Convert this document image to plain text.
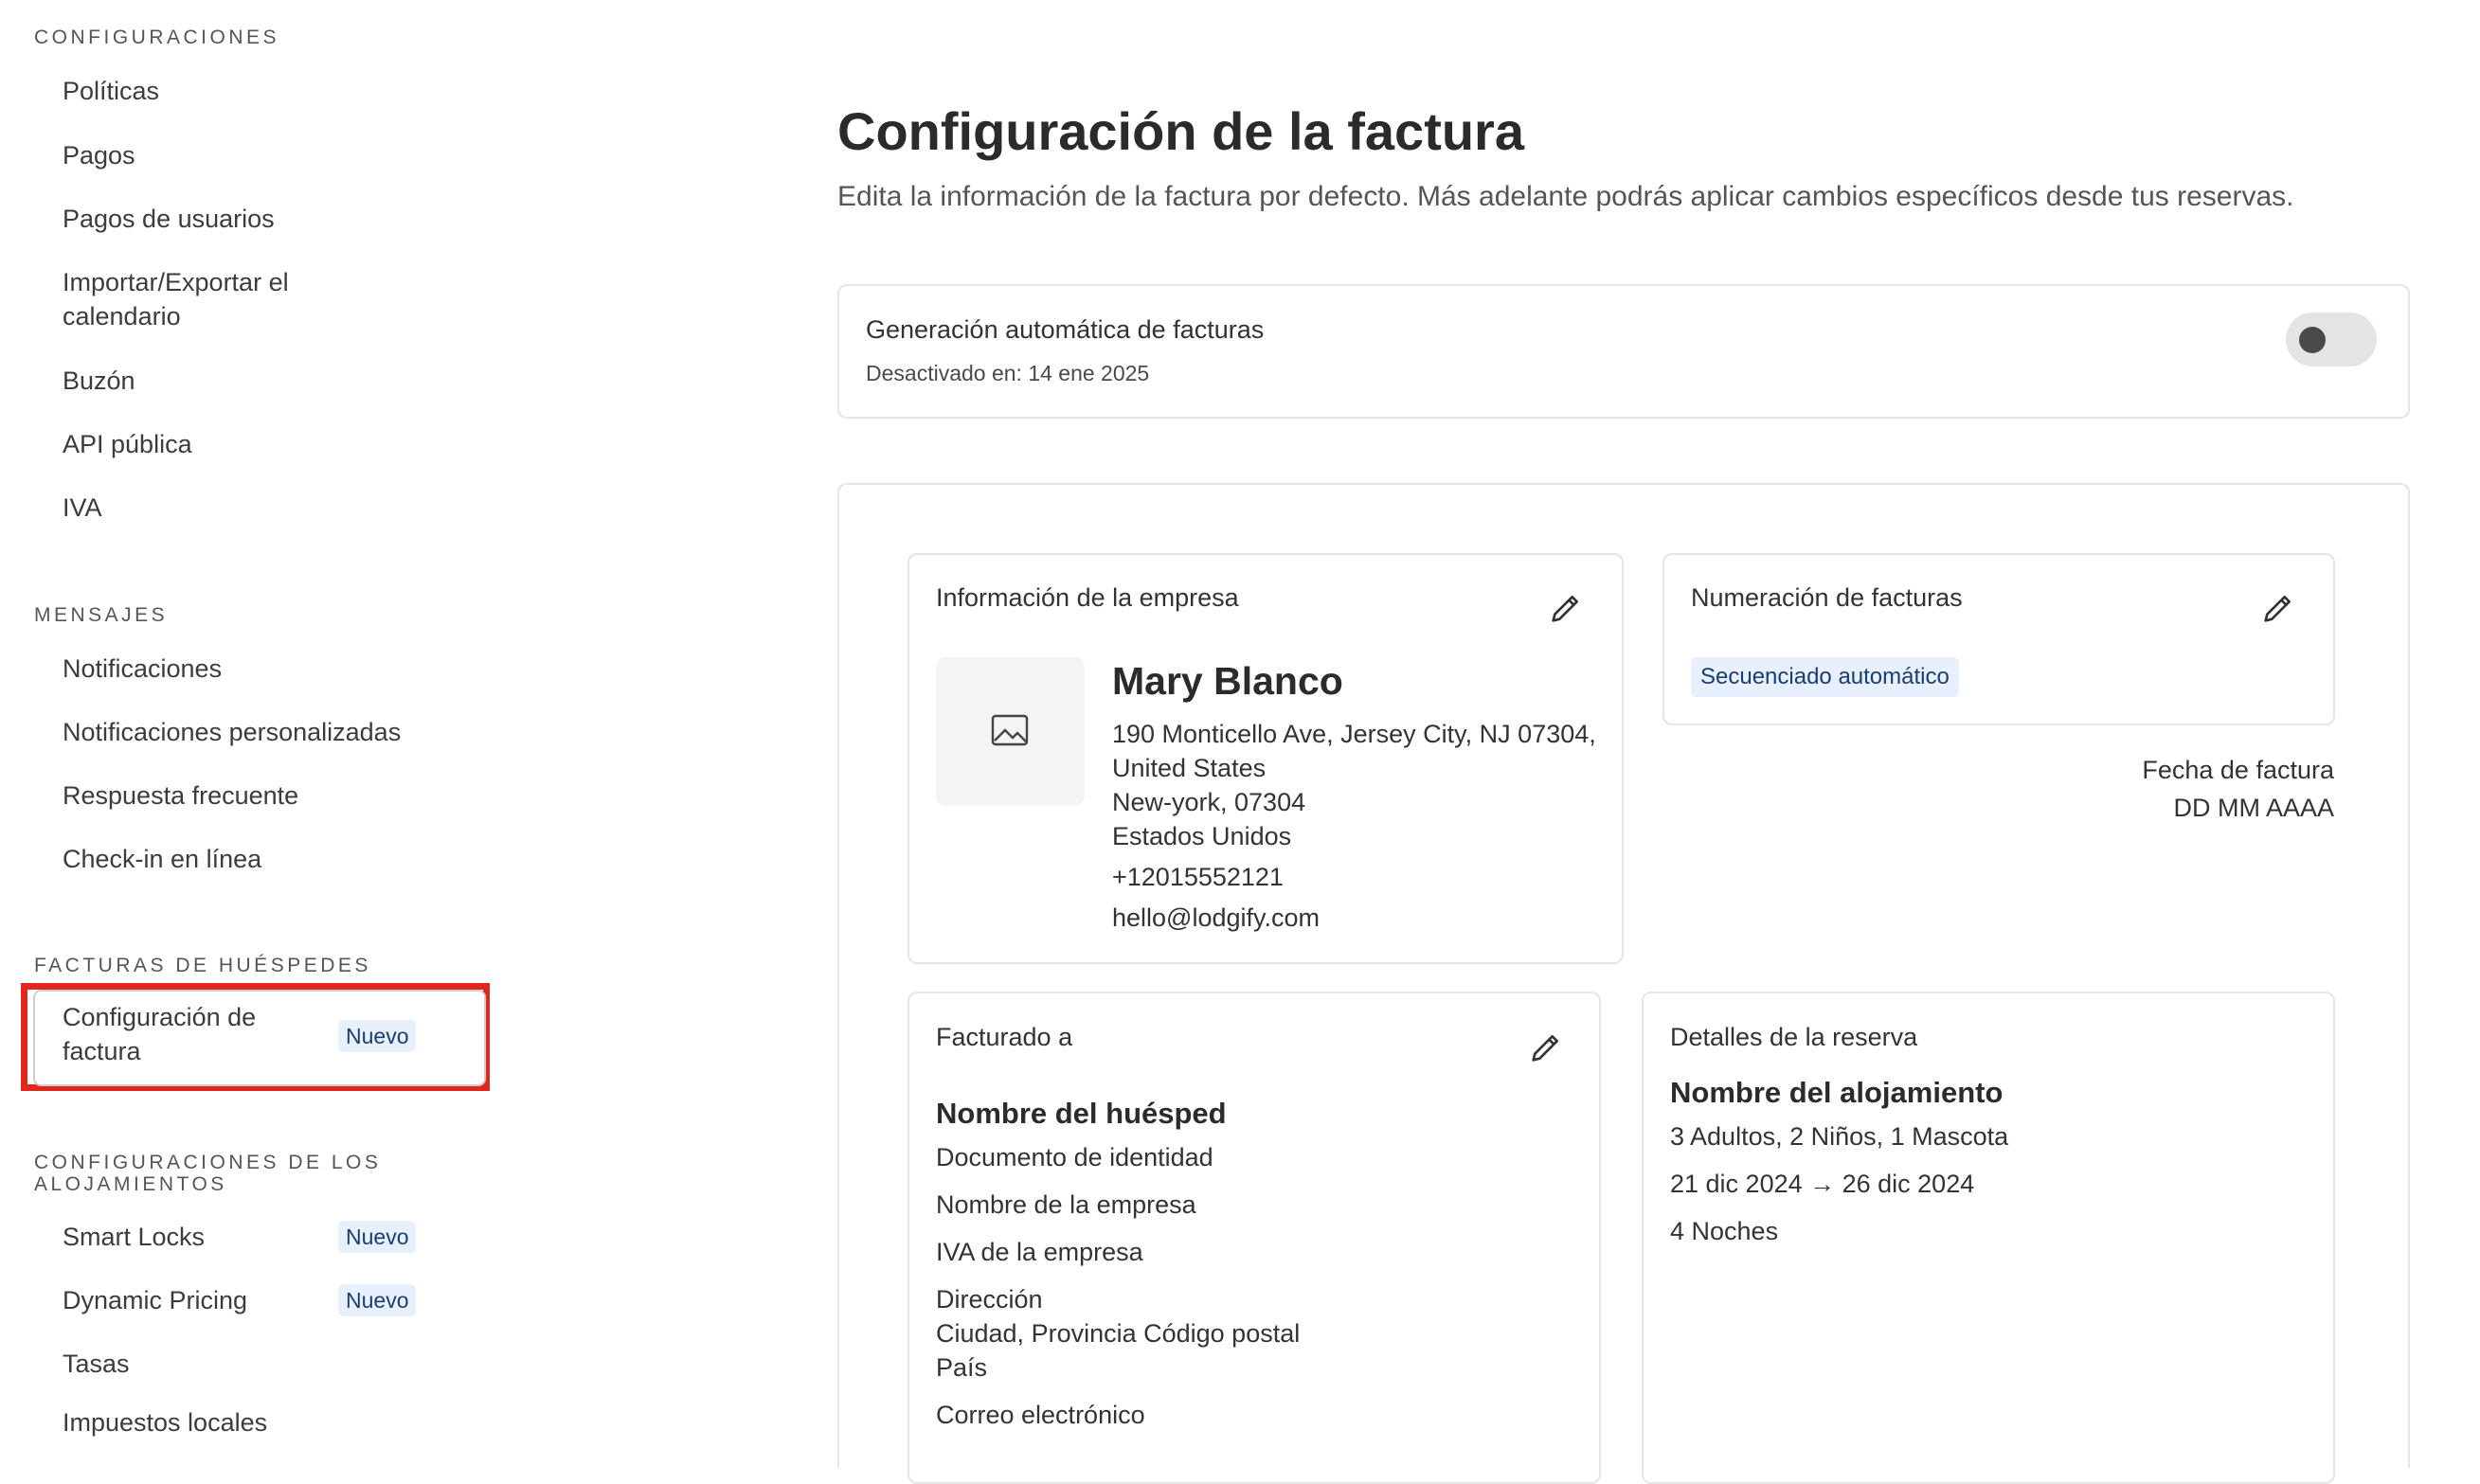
CONFIGURACIONES
Políticas
Pagos
Pagos de usuarios
Importar/Exportar el
calendario
Buzón
API pública
IVA
MENSAJES
Notificaciones
Notificaciones personalizadas
Respuesta frecuente
Check-in en línea
FACTURAS DE HUÉSPEDES
Configuración de
factura
Nuevo
CONFIGURACIONES DE LOS
ALOJAMIENTOS
Smart Locks	Nuevo
Dynamic Pricing	Nuevo
Tasas
Impuestos locales
Configuración de la factura
Edita la información de la factura por defecto. Más adelante podrás aplicar cambios específicos desde tus reservas.
Generación automática de facturas
Desactivado en: 14 ene 2025
Información de la empresa
Mary Blanco
190 Monticello Ave, Jersey City, NJ 07304,
United States
New-york, 07304
Estados Unidos
+12015552121
hello@lodgify.com
Numeración de facturas
Secuenciado automático
Fecha de factura
DD MM AAAA
Facturado a
Nombre del huésped
Documento de identidad
Nombre de la empresa
IVA de la empresa
Dirección
Ciudad, Provincia Código postal
País
Correo electrónico
Detalles de la reserva
Nombre del alojamiento
3 Adultos, 2 Niños, 1 Mascota
21 dic 2024 → 26 dic 2024
4 Noches
